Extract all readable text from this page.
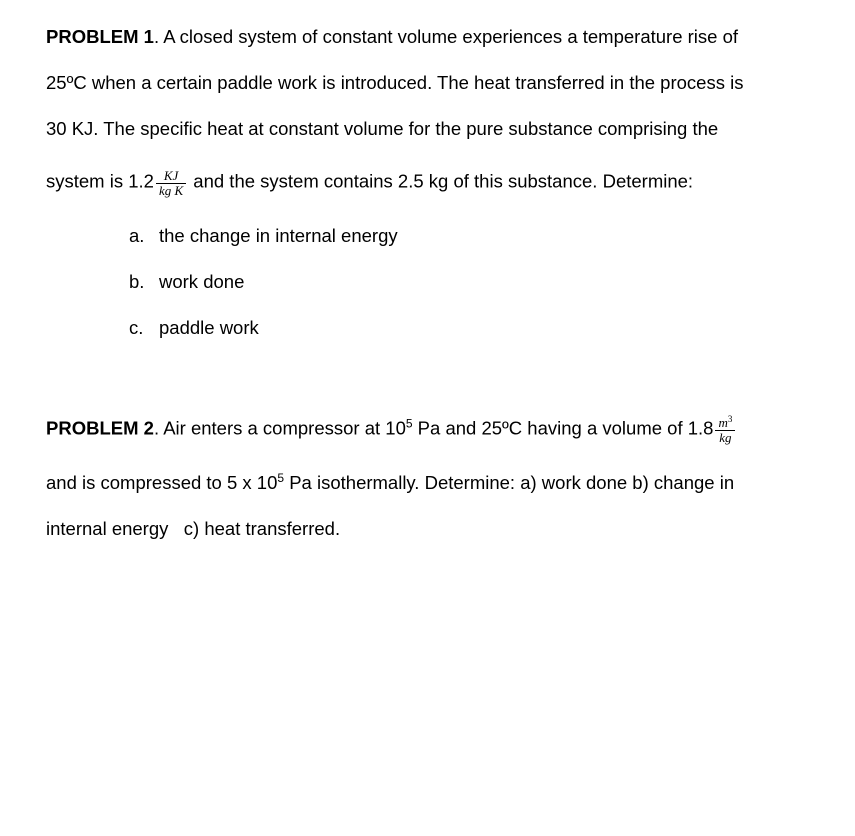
PROBLEM 1. A closed system of constant volume experiences a temperature rise of
25ºC when a certain paddle work is introduced. The heat transferred in the process is
30 KJ. The specific heat at constant volume for the pure substance comprising the
system is $1.2 \frac{KJ}{\text{kg K}}$ and the system contains 2.5 kg of this substance. Determine:
a. the change in internal energy
b. work done
c. paddle work
PROBLEM 2. Air enters a compressor at $10^5$ Pa and 25ºC having a volume of $1.8 \frac{m^3}{kg}$
and is compressed to 5 x $10^5$ Pa isothermally. Determine: a) work done b) change in
internal energy   c) heat transferred.
